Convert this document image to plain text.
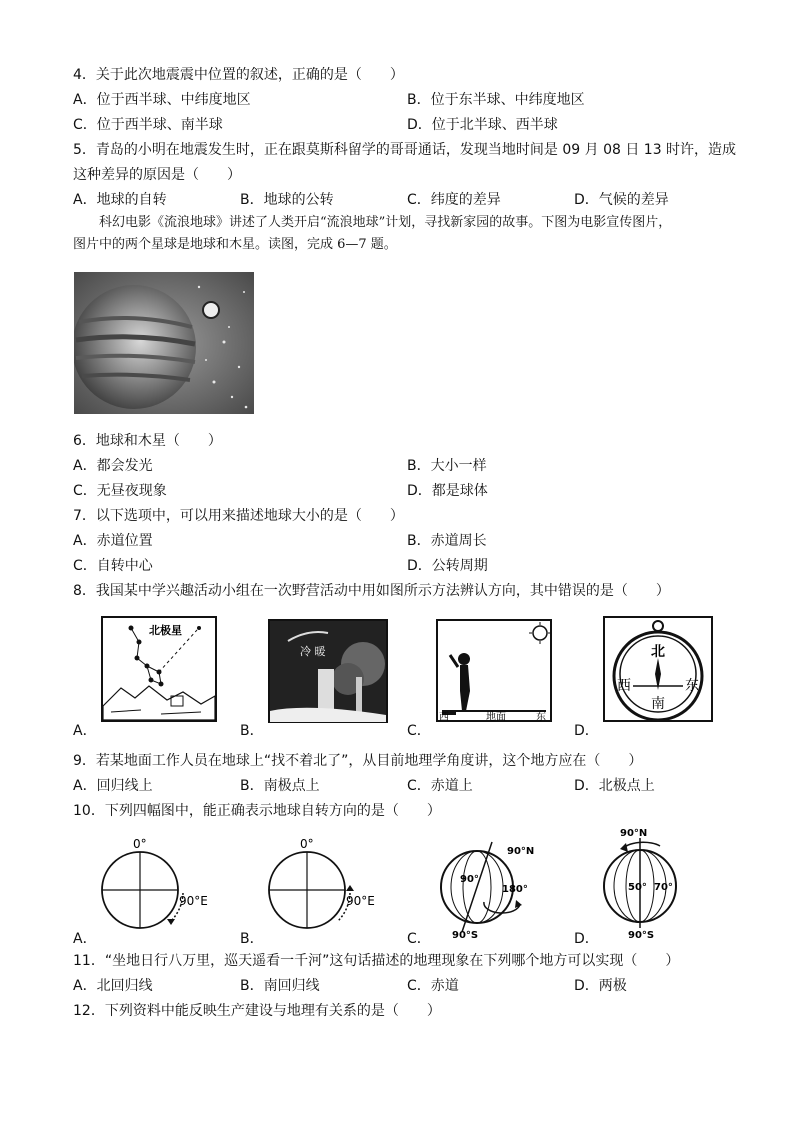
4．关于此次地震震中位置的叙述，正确的是（　　）
A．位于西半球、中纬度地区	B．位于东半球、中纬度地区
C．位于西半球、南半球	D．位于北半球、西半球
5．青岛的小明在地震发生时，正在跟莫斯科留学的哥哥通话，发现当地时间是 09 月 08 日 13 时许，造成
这种差异的原因是（　　）
A．地球的自转	B．地球的公转	C．纬度的差异	D．气候的差异

科幻电影《流浪地球》讲述了人类开启“流浪地球”计划，寻找新家园的故事。下图为电影宣传图片，

图片中的两个星球是地球和木星。读图，完成 6—7 题。

6．地球和木星（　　）
A．都会发光	B．大小一样
C．无昼夜现象	D．都是球体
7．以下选项中，可以用来描述地球大小的是（　　）
A．赤道位置	B．赤道周长
C．自转中心	D．公转周期
8．我国某中学兴趣活动小组在一次野营活动中用如图所示方法辨认方向，其中错误的是（　　）
A．
北极星
B．
冷 暖
C．
西	地面	东
D．
北
西	东
南
9．若某地面工作人员在地球上“找不着北了”，从目前地理学角度讲，这个地方应在（　　）
A．回归线上	B．南极点上	C．赤道上	D．北极点上
10．下列四幅图中，能正确表示地球自转方向的是（　　）
A．
0°
90°E
B．
0°
90°E
C．
90°N
90°S
90°
180°
D．
90°N
90°S
50° 70°
11．“坐地日行八万里，巡天遥看一千河”这句话描述的地理现象在下列哪个地方可以实现（　　）
A．北回归线	B．南回归线	C．赤道	D．两极
12．下列资料中能反映生产建设与地理有关系的是（　　）
